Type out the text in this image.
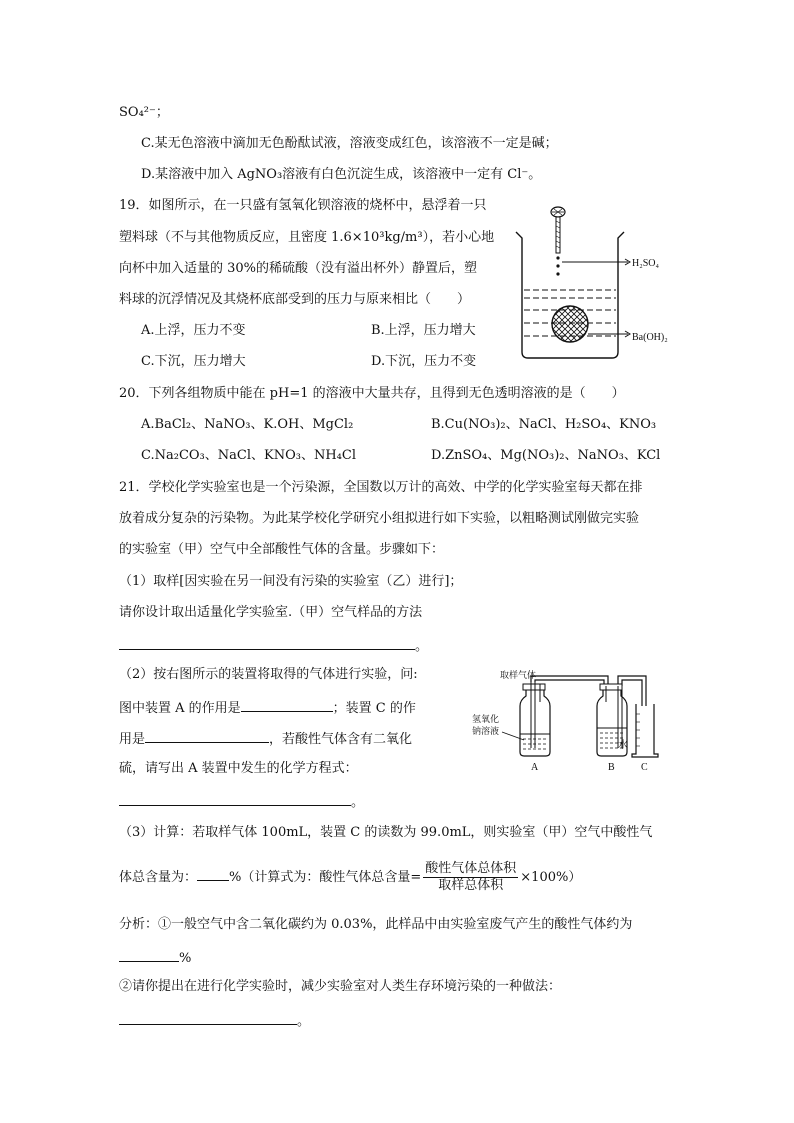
SO₄²⁻；
C.某无色溶液中滴加无色酚酞试液，溶液变成红色，该溶液不一定是碱；
D.某溶液中加入 AgNO₃溶液有白色沉淀生成，该溶液中一定有 Cl⁻。
19．如图所示，在一只盛有氢氧化钡溶液的烧杯中，悬浮着一只
塑料球（不与其他物质反应，且密度 1.6×10³kg/m³），若小心地
向杯中加入适量的 30%的稀硫酸（没有溢出杯外）静置后，塑
料球的沉浮情况及其烧杯底部受到的压力与原来相比（　　）
A.上浮，压力不变	B.上浮，压力增大
C.下沉，压力增大	D.下沉，压力不变
H₂SO₄
Ba(OH)₂
20．下列各组物质中能在 pH=1 的溶液中大量共存，且得到无色透明溶液的是（　　）
A.BaCl₂、NaNO₃、K.OH、MgCl₂	B.Cu(NO₃)₂、NaCl、H₂SO₄、KNO₃
C.Na₂CO₃、NaCl、KNO₃、NH₄Cl	D.ZnSO₄、Mg(NO₃)₂、NaNO₃、KCl
21．学校化学实验室也是一个污染源，全国数以万计的高效、中学的化学实验室每天都在排
放着成分复杂的污染物。为此某学校化学研究小组拟进行如下实验，以粗略测试刚做完实验
的实验室（甲）空气中全部酸性气体的含量。步骤如下：
（1）取样[因实验在另一间没有污染的实验室（乙）进行]；
请你设计取出适量化学实验室.（甲）空气样品的方法
。
（2）按右图所示的装置将取得的气体进行实验，问:
图中装置 A 的作用是	；装置 C 的作
用是	，若酸性气体含有二氧化
硫，请写出 A 装置中发生的化学方程式：
。
取样气体
氢氧化钠溶液
水
A	B	C
（3）计算：若取样气体 100mL，装置 C 的读数为 99.0mL，则实验室（甲）空气中酸性气
体总含量为： %（计算式为：酸性气体总含量= $\frac{\text{酸性气体总体积}}{\text{取样总体积}} \times 100\%$）
分析：①一般空气中含二氧化碳约为 0.03%，此样品中由实验室废气产生的酸性气体约为
%
②请你提出在进行化学实验时，减少实验室对人类生存环境污染的一种做法：
。
